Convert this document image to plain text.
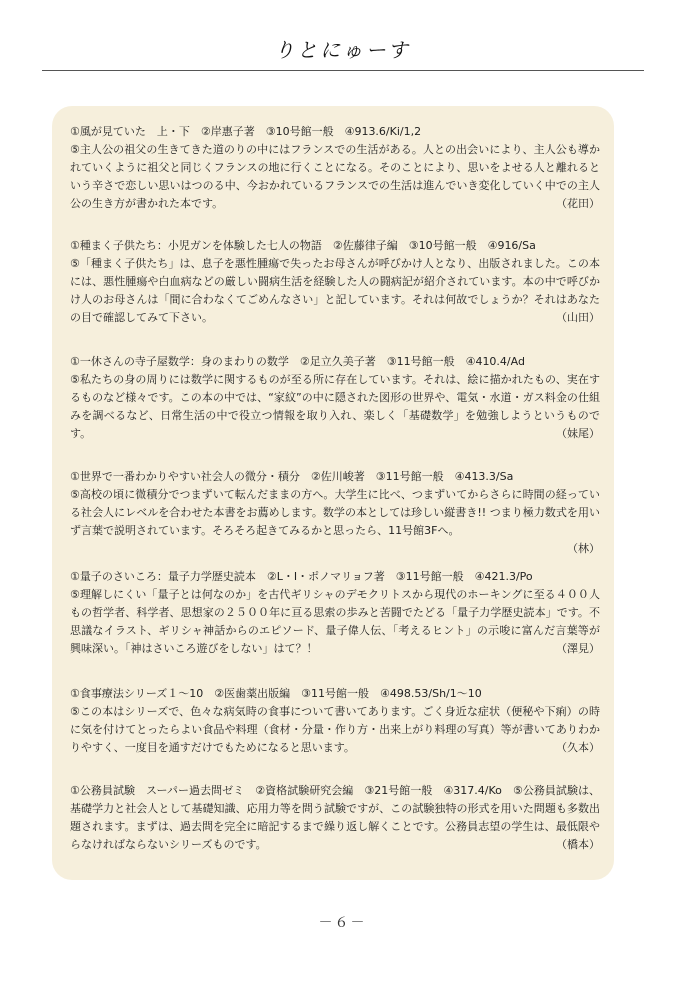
りとにゅーす
①風が見ていた　上・下　②岸惠子著　③10号館一般　④913.6/Ki/1,2
⑤主人公の祖父の生きてきた道のりの中にはフランスでの生活がある。人との出会いにより、主人公も導かれていくように祖父と同じくフランスの地に行くことになる。そのことにより、思いをよせる人と離れるという辛さで恋しい思いはつのる中、今おかれているフランスでの生活は進んでいき変化していく中での主人公の生き方が書かれた本です。	（花田）
①種まく子供たち：小児ガンを体験した七人の物語　②佐藤律子編　③10号館一般　④916/Sa
⑤「種まく子供たち」は、息子を悪性腫瘍で失ったお母さんが呼びかけ人となり、出版されました。この本には、悪性腫瘍や白血病などの厳しい闘病生活を経験した人の闘病記が紹介されています。本の中で呼びかけ人のお母さんは「間に合わなくてごめんなさい」と記しています。それは何故でしょうか？それはあなたの目で確認してみて下さい。	（山田）
①一休さんの寺子屋数学：身のまわりの数学　②足立久美子著　③11号館一般　④410.4/Ad
⑤私たちの身の周りには数学に関するものが至る所に存在しています。それは、絵に描かれたもの、実在するものなど様々です。この本の中では、“家紋”の中に隠された図形の世界や、電気・水道・ガス料金の仕組みを調べるなど、日常生活の中で役立つ情報を取り入れ、楽しく「基礎数学」を勉強しようというものです。	（妹尾）
①世界で一番わかりやすい社会人の微分・積分　②佐川峻著　③11号館一般　④413.3/Sa
⑤高校の頃に微積分でつまずいて転んだままの方へ。大学生に比べ、つまずいてからさらに時間の経っている社会人にレベルを合わせた本書をお薦めします。数学の本としては珍しい縦書き!! つまり極力数式を用いず言葉で説明されています。そろそろ起きてみるかと思ったら、11号館3Fへ。
（林）
①量子のさいころ：量子力学歴史読本　②L・I・ポノマリョフ著　③11号館一般　④421.3/Po
⑤理解しにくい「量子とは何なのか」を古代ギリシャのデモクリトスから現代のホーキングに至る４００人もの哲学者、科学者、思想家の２５００年に亘る思索の歩みと苦闘でたどる「量子力学歴史読本」です。不思議なイラスト、ギリシャ神話からのエピソード、量子偉人伝、「考えるヒント」の示唆に富んだ言葉等が興味深い。「神はさいころ遊びをしない」はて？！	（澤見）
①食事療法シリーズ１～10　②医歯薬出版編　③11号館一般　④498.53/Sh/1～10
⑤この本はシリーズで、色々な病気時の食事について書いてあります。ごく身近な症状（便秘や下痢）の時に気を付けてとったらよい食品や料理（食材・分量・作り方・出来上がり料理の写真）等が書いてありわかりやすく、一度目を通すだけでもためになると思います。	（久本）
①公務員試験　スーパー過去問ゼミ　②資格試験研究会編　③21号館一般　④317.4/Ko　⑤公務員試験は、基礎学力と社会人として基礎知識、応用力等を問う試験ですが、この試験独特の形式を用いた問題も多数出題されます。まずは、過去問を完全に暗記するまで繰り返し解くことです。公務員志望の学生は、最低限やらなければならないシリーズものです。	（橋本）
－６－
